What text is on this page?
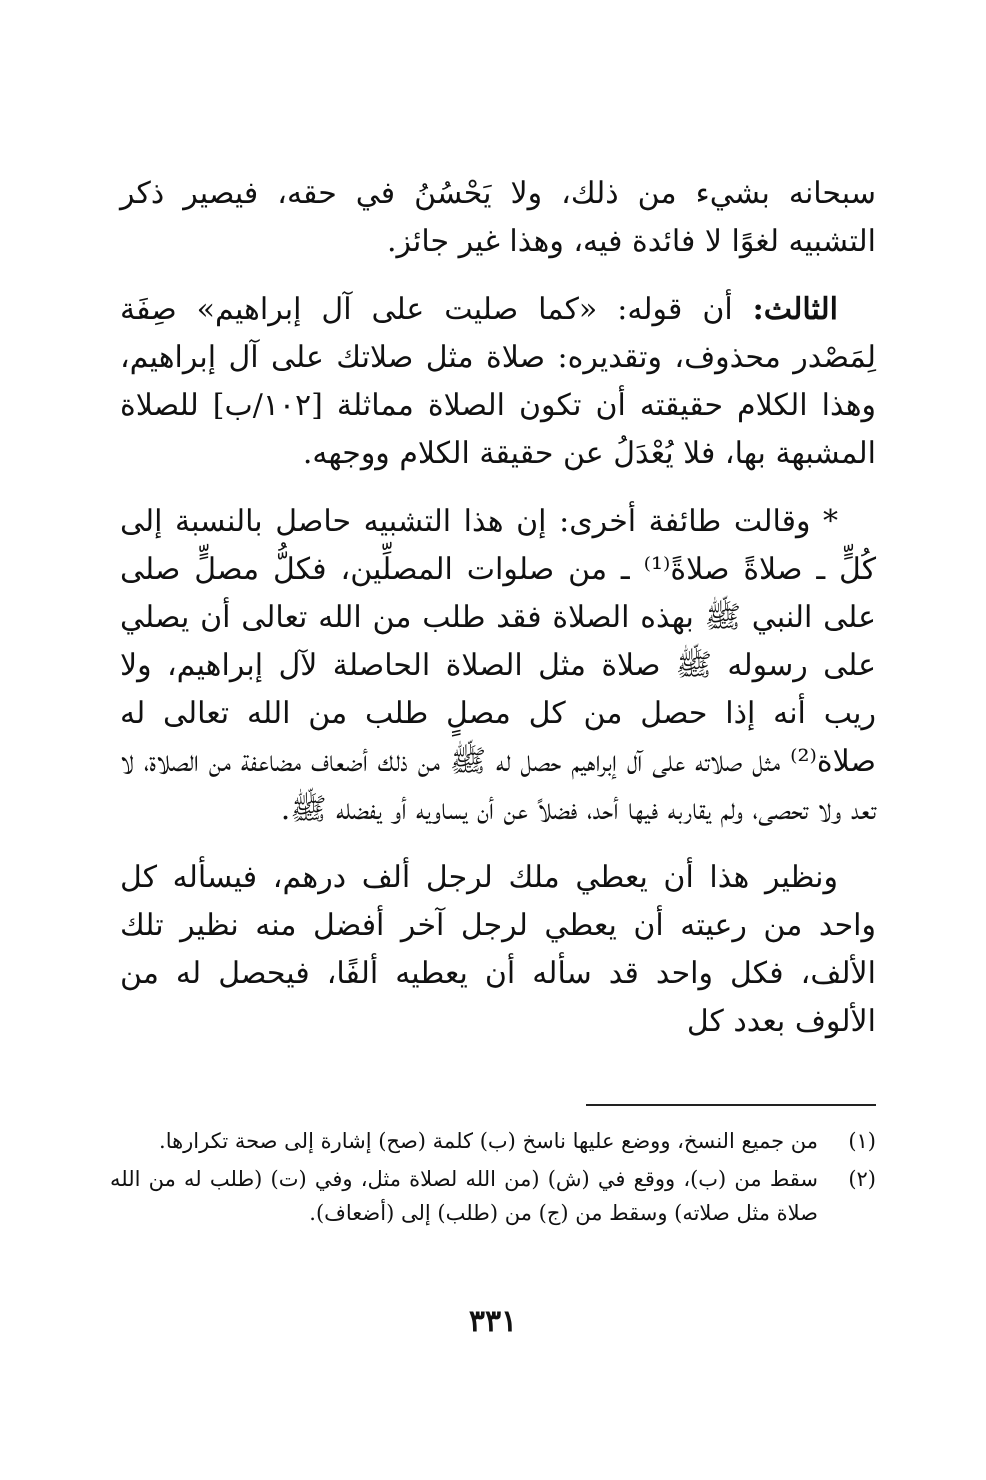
سبحانه بشيء من ذلك، ولا يَحْسُنُ في حقه، فيصير ذكر التشبيه لغوًا لا فائدة فيه، وهذا غير جائز.

الثالث: أن قوله: «كما صليت على آل إبراهيم» صِفَة لِمَصْدر محذوف، وتقديره: صلاة مثل صلاتك على آل إبراهيم، وهذا الكلام حقيقته أن تكون الصلاة مماثلة [١٠٢/ب] للصلاة المشبهة بها، فلا يُعْدَلُ عن حقيقة الكلام ووجهه.

* وقالت طائفة أخرى: إن هذا التشبيه حاصل بالنسبة إلى كُلٍّ ـ صلاةً صلاةً⁽¹⁾ ـ من صلوات المصلِّين، فكلُّ مصلٍّ صلى على النبي ﷺ بهذه الصلاة فقد طلب من الله تعالى أن يصلي على رسوله ﷺ صلاة مثل الصلاة الحاصلة لآل إبراهيم، ولا ريب أنه إذا حصل من كل مصلٍ طلب من الله تعالى له صلاة⁽²⁾ مثل صلاته على آل إبراهيم حصل له ﷺ من ذلك أضعاف مضاعفة من الصلاة، لا تعد ولا تحصى، ولم يقاربه فيها أحد، فضلاً عن أن يساويه أو يفضله ﷺ.

ونظير هذا أن يعطي ملك لرجل ألف درهم، فيسأله كل واحد من رعيته أن يعطي لرجل آخر أفضل منه نظير تلك الألف، فكل واحد قد سأله أن يعطيه ألفًا، فيحصل له من الألوف بعدد كل

(١)
من جميع النسخ، ووضع عليها ناسخ (ب) كلمة (صح) إشارة إلى صحة تكرارها.
(٢)
سقط من (ب)، ووقع في (ش) (من الله لصلاة مثل، وفي (ت) (طلب له من الله صلاة مثل صلاته) وسقط من (ج) من (طلب) إلى (أضعاف).
٣٣١
